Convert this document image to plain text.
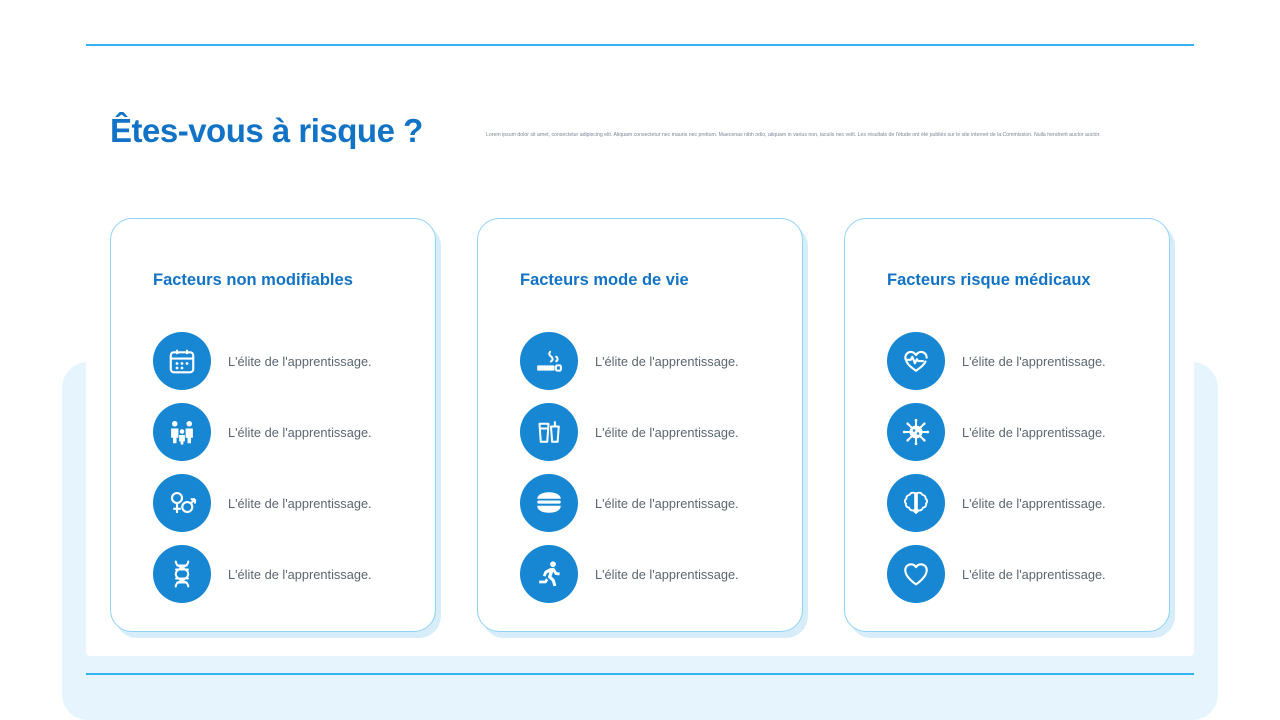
Êtes-vous à risque ?	Lorem ipsum dolor sit amet, consectetur adipiscing elit. Aliquam consectetur nec mauris nec pretium. Maecenas nibh odio, aliquam in varius non, iaculis nec velit. Les résultats de l'étude ont été publiés sur le site internet de la Commission. Nulla hendrerit auctor auctor.
Facteurs non modifiables
L'élite de l'apprentissage.
L'élite de l'apprentissage.
L'élite de l'apprentissage.
L'élite de l'apprentissage.
Facteurs mode de vie
L'élite de l'apprentissage.
L'élite de l'apprentissage.
L'élite de l'apprentissage.
L'élite de l'apprentissage.
Facteurs risque médicaux
L'élite de l'apprentissage.
L'élite de l'apprentissage.
L'élite de l'apprentissage.
L'élite de l'apprentissage.
